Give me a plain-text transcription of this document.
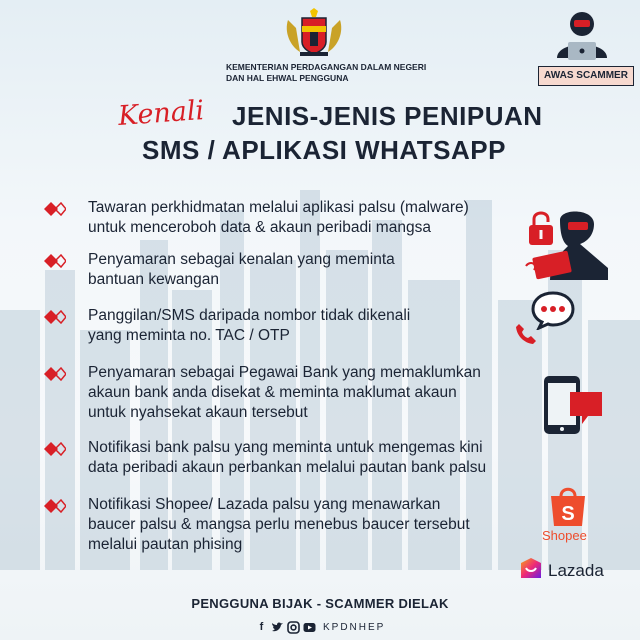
KEMENTERIAN PERDAGANGAN DALAM NEGERI
DAN HAL EHWAL PENGGUNA	AWAS SCAMMER
Kenali JENIS-JENIS PENIPUAN
SMS / APLIKASI WHATSAPP
Tawaran perkhidmatan melalui aplikasi palsu (malware)
untuk menceroboh data & akaun peribadi mangsa
Penyamaran sebagai kenalan yang meminta
bantuan kewangan
Panggilan/SMS daripada nombor tidak dikenali
yang meminta no. TAC / OTP
Penyamaran sebagai Pegawai Bank yang memaklumkan
akaun bank anda disekat & meminta maklumat akaun
untuk nyahsekat akaun tersebut
Notifikasi bank palsu yang meminta untuk mengemas kini
data peribadi akaun perbankan melalui pautan bank palsu
Notifikasi Shopee/ Lazada palsu yang menawarkan
baucer palsu & mangsa perlu menebus baucer tersebut
melalui pautan phising
S
Shopee
Lazada
PENGGUNA BIJAK - SCAMMER DIELAK
f	KPDNHEP
